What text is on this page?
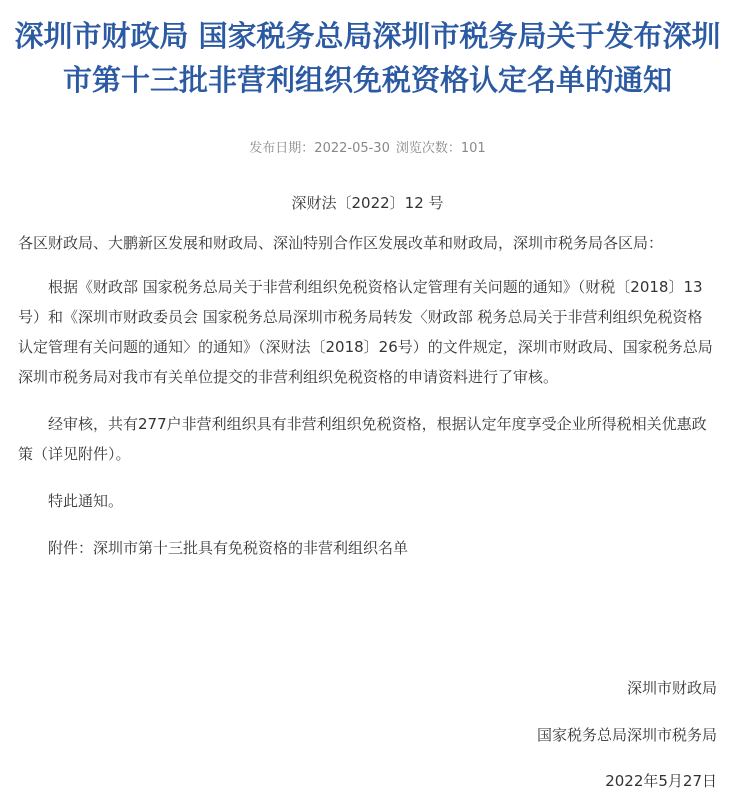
深圳市财政局 国家税务总局深圳市税务局关于发布深圳市第十三批非营利组织免税资格认定名单的通知
发布日期：2022-05-30 浏览次数：101
深财法〔2022〕12 号

各区财政局、大鹏新区发展和财政局、深汕特别合作区发展改革和财政局，深圳市税务局各区局：

根据《财政部 国家税务总局关于非营利组织免税资格认定管理有关问题的通知》（财税〔2018〕13号）和《深圳市财政委员会 国家税务总局深圳市税务局转发〈财政部 税务总局关于非营利组织免税资格认定管理有关问题的通知〉的通知》（深财法〔2018〕26号）的文件规定，深圳市财政局、国家税务总局深圳市税务局对我市有关单位提交的非营利组织免税资格的申请资料进行了审核。

经审核，共有277户非营利组织具有非营利组织免税资格，根据认定年度享受企业所得税相关优惠政策（详见附件）。

特此通知。

附件：深圳市第十三批具有免税资格的非营利组织名单

深圳市财政局
国家税务总局深圳市税务局
2022年5月27日
